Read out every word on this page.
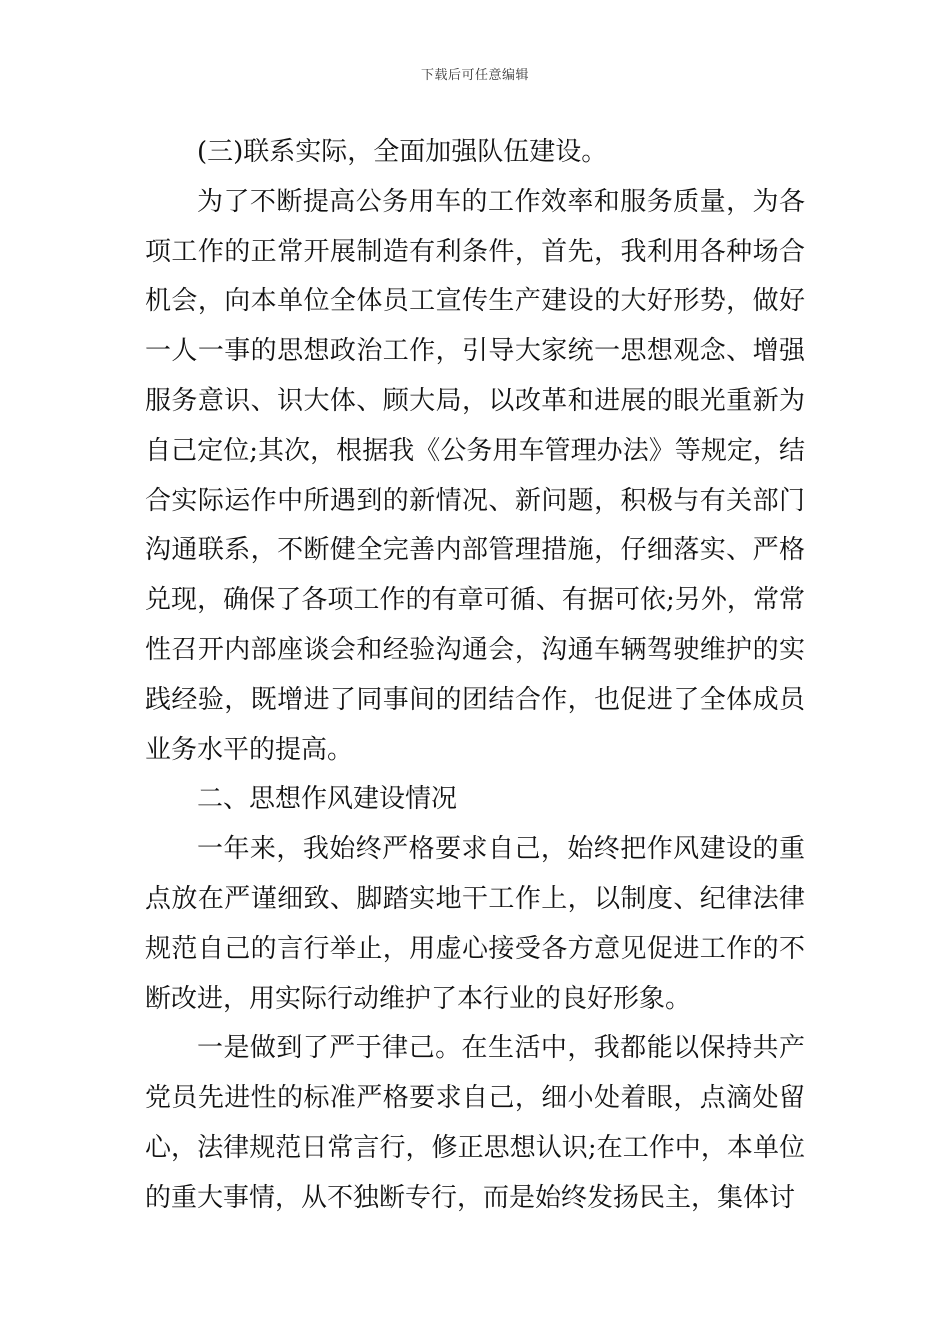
下载后可任意编辑

(三)联系实际，全面加强队伍建设。

为了不断提高公务用车的工作效率和服务质量，为各项工作的正常开展制造有利条件，首先，我利用各种场合机会，向本单位全体员工宣传生产建设的大好形势，做好一人一事的思想政治工作，引导大家统一思想观念、增强服务意识、识大体、顾大局，以改革和进展的眼光重新为自己定位;其次，根据我《公务用车管理办法》等规定，结合实际运作中所遇到的新情况、新问题，积极与有关部门沟通联系，不断健全完善内部管理措施，仔细落实、严格兑现，确保了各项工作的有章可循、有据可依;另外，常常性召开内部座谈会和经验沟通会，沟通车辆驾驶维护的实践经验，既增进了同事间的团结合作，也促进了全体成员业务水平的提高。

二、思想作风建设情况

一年来，我始终严格要求自己，始终把作风建设的重点放在严谨细致、脚踏实地干工作上，以制度、纪律法律规范自己的言行举止，用虚心接受各方意见促进工作的不断改进，用实际行动维护了本行业的良好形象。

一是做到了严于律己。在生活中，我都能以保持共产党员先进性的标准严格要求自己，细小处着眼，点滴处留心，法律规范日常言行，修正思想认识;在工作中，本单位的重大事情，从不独断专行，而是始终发扬民主，集体讨
